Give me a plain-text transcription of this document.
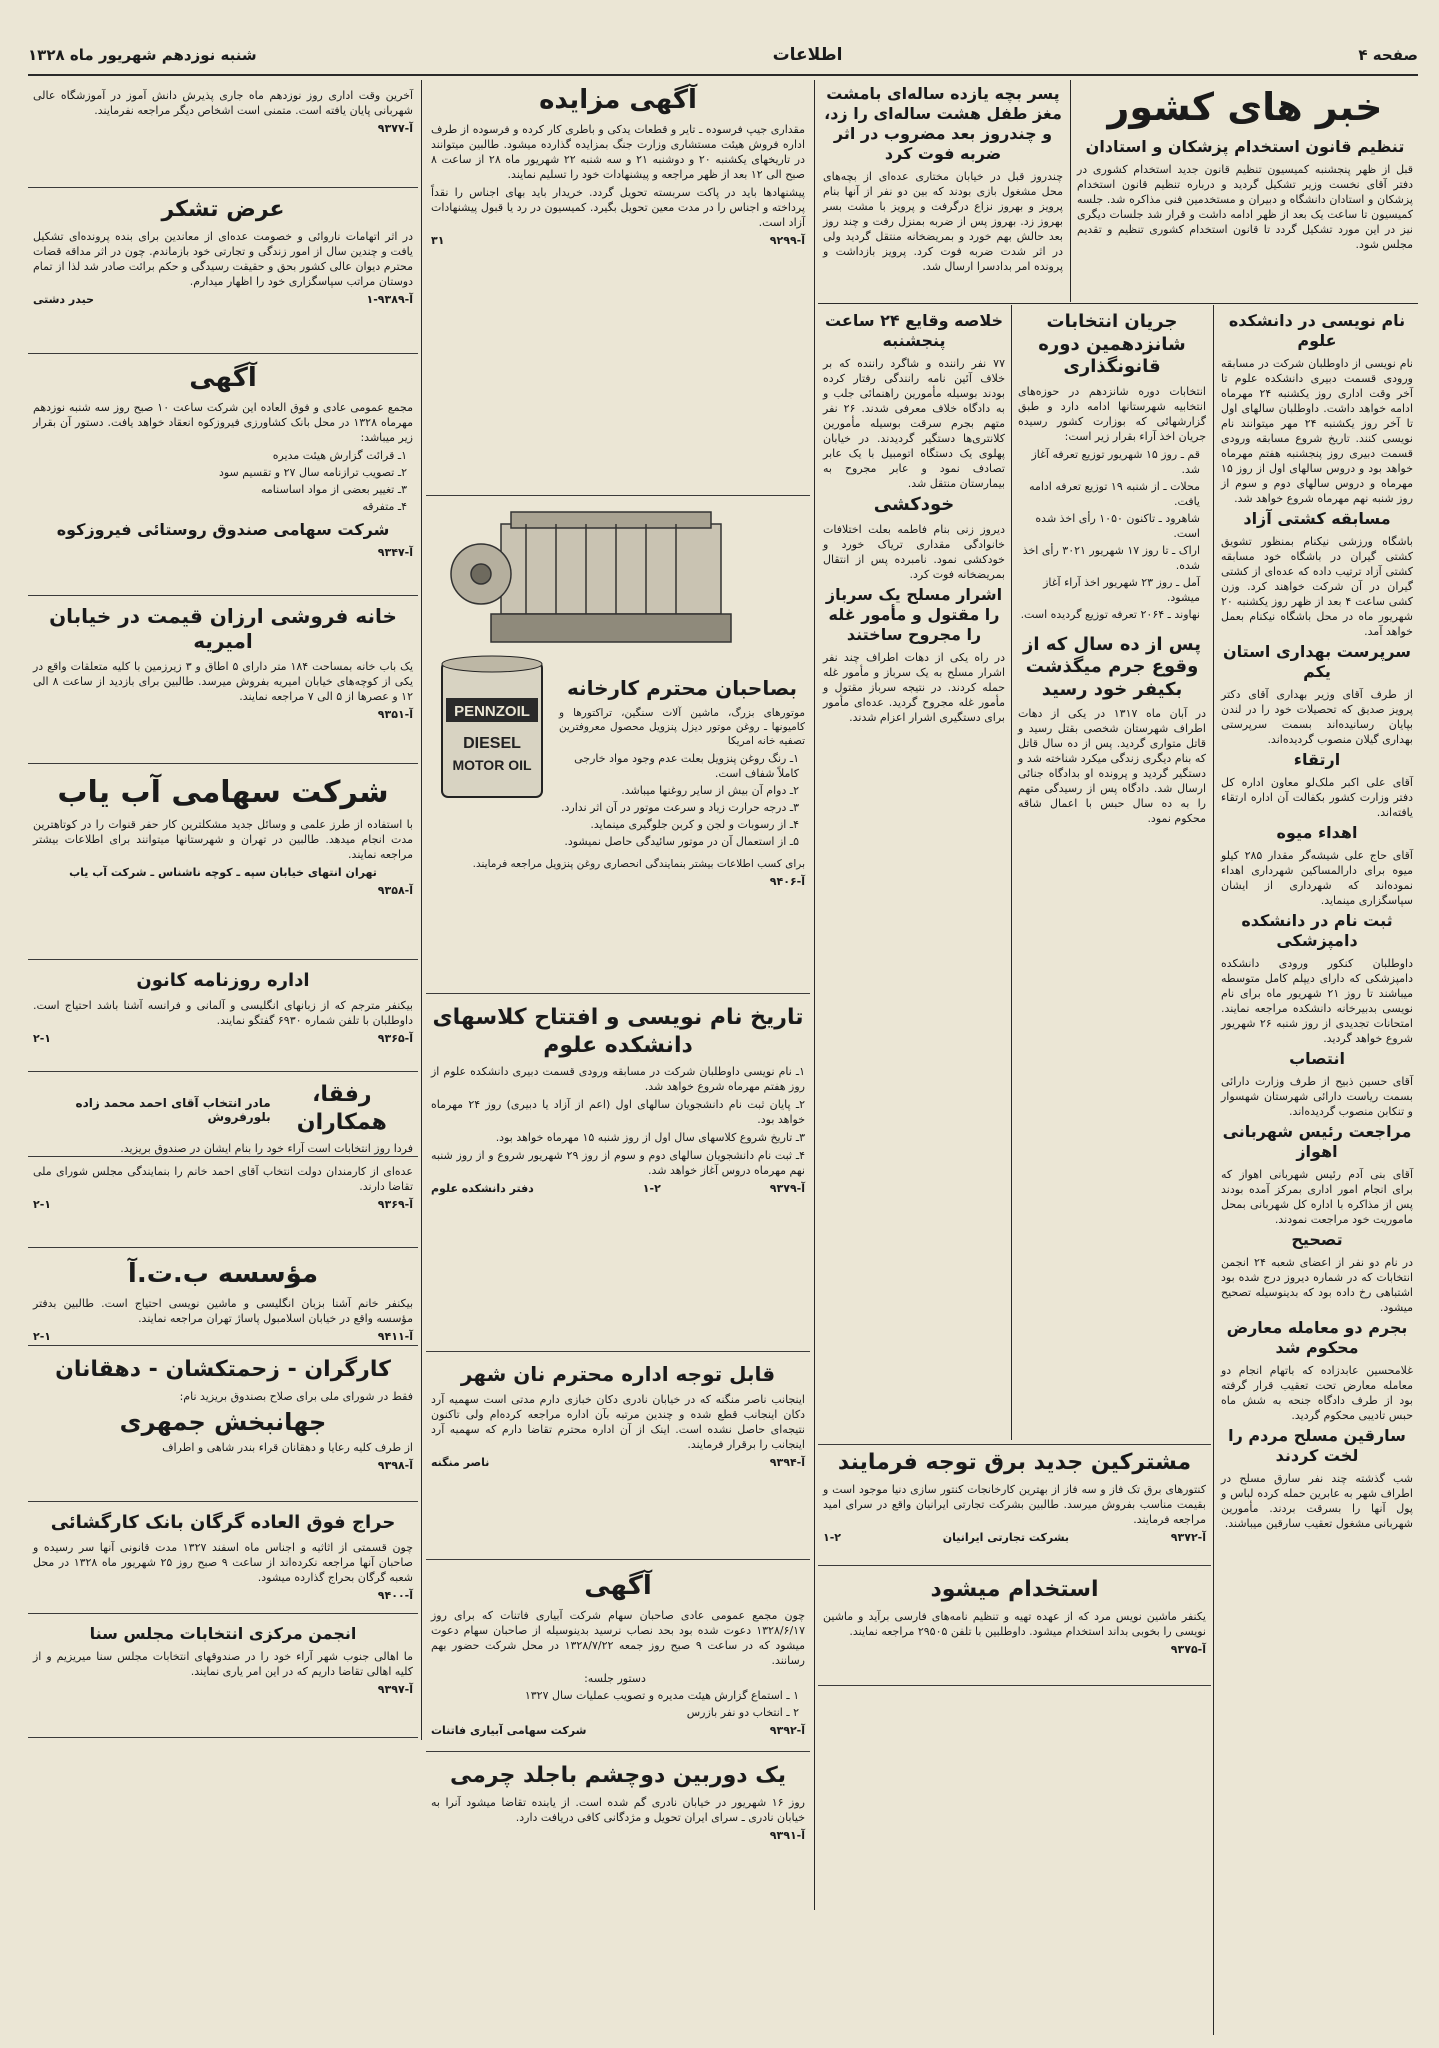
صفحه ۴
اطلاعات
شنبه نوزدهم شهریور ماه ۱۳۲۸
خبر های کشور
تنظیم قانون استخدام پزشکان و استادان

قبل از ظهر پنجشنبه کمیسیون تنظیم قانون جدید استخدام کشوری در دفتر آقای نخست وزیر تشکیل گردید و درباره تنظیم قانون استخدام پزشکان و استادان دانشگاه و دبیران و مستخدمین فنی مذاکره شد. جلسه کمیسیون تا ساعت یک بعد از ظهر ادامه داشت و قرار شد جلسات دیگری نیز در این مورد تشکیل گردد تا قانون استخدام کشوری تنظیم و تقدیم مجلس شود.

پسر بچه یازده ساله‌ای بامشت مغز طفل هشت ساله‌ای را زد، و چندروز بعد مضروب در اثر ضربه فوت کرد

چندروز قبل در خیابان مختاری عده‌ای از بچه‌های محل مشغول بازی بودند که بین دو نفر از آنها بنام پرویز و بهروز نزاع درگرفت و پرویز با مشت بسر بهروز زد. بهروز پس از ضربه بمنزل رفت و چند روز بعد حالش بهم خورد و بمریضخانه منتقل گردید ولی در اثر شدت ضربه فوت کرد. پرویز بازداشت و پرونده امر بدادسرا ارسال شد.

نام نویسی در دانشکده علوم

نام نویسی از داوطلبان شرکت در مسابقه ورودی قسمت دبیری دانشکده علوم تا آخر وقت اداری روز یکشنبه ۲۴ مهرماه ادامه خواهد داشت. داوطلبان سالهای اول تا آخر روز یکشنبه ۲۴ مهر میتوانند نام نویسی کنند. تاریخ شروع مسابقه ورودی قسمت دبیری روز پنجشنبه هفتم مهرماه خواهد بود و دروس سالهای اول از روز ۱۵ مهرماه و دروس سالهای دوم و سوم از روز شنبه نهم مهرماه شروع خواهد شد.

مسابقه کشتی آزاد

باشگاه ورزشی نیکنام بمنظور تشویق کشتی گیران در باشگاه خود مسابقه کشتی آزاد ترتیب داده که عده‌ای از کشتی گیران در آن شرکت خواهند کرد. وزن کشی ساعت ۴ بعد از ظهر روز یکشنبه ۲۰ شهریور ماه در محل باشگاه نیکنام بعمل خواهد آمد.

سرپرست بهداری استان یکم

از طرف آقای وزیر بهداری آقای دکتر پرویز صدیق که تحصیلات خود را در لندن بپایان رسانیده‌اند بسمت سرپرستی بهداری گیلان منصوب گردیده‌اند.

ارتقاء

آقای علی اکبر ملک‌لو معاون اداره کل دفتر وزارت کشور بکفالت آن اداره ارتقاء یافته‌اند.

اهداء میوه

آقای حاج علی شیشه‌گر مقدار ۲۸۵ کیلو میوه برای دارالمساکین شهرداری اهداء نموده‌اند که شهرداری از ایشان سپاسگزاری مینماید.

ثبت نام در دانشکده دامپزشکی

داوطلبان کنکور ورودی دانشکده دامپزشکی که دارای دیپلم کامل متوسطه میباشند تا روز ۲۱ شهریور ماه برای نام نویسی بدبیرخانه دانشکده مراجعه نمایند. امتحانات تجدیدی از روز شنبه ۲۶ شهریور شروع خواهد گردید.

انتصاب

آقای حسین ذبیح از طرف وزارت دارائی بسمت ریاست دارائی شهرستان شهسوار و تنکابن منصوب گردیده‌اند.

مراجعت رئیس شهربانی اهواز

آقای بنی آدم رئیس شهربانی اهواز که برای انجام امور اداری بمرکز آمده بودند پس از مذاکره با اداره کل شهربانی بمحل ماموریت خود مراجعت نمودند.

تصحیح

در نام دو نفر از اعضای شعبه ۲۴ انجمن انتخابات که در شماره دیروز درج شده بود اشتباهی رخ داده بود که بدینوسیله تصحیح میشود.

بجرم دو معامله معارض محکوم شد

غلامحسین عابدزاده که باتهام انجام دو معامله معارض تحت تعقیب قرار گرفته بود از طرف دادگاه جنحه به شش ماه حبس تادیبی محکوم گردید.

سارقین مسلح مردم را لخت کردند

شب گذشته چند نفر سارق مسلح در اطراف شهر به عابرین حمله کرده لباس و پول آنها را بسرقت بردند. مأمورین شهربانی مشغول تعقیب سارقین میباشند.

جریان انتخابات شانزدهمین دوره قانونگذاری

انتخابات دوره شانزدهم در حوزه‌های انتخابیه شهرستانها ادامه دارد و طبق گزارشهائی که بوزارت کشور رسیده جریان اخذ آراء بقرار زیر است:

قم ـ روز ۱۵ شهریور توزیع تعرفه آغاز شد.

محلات ـ از شنبه ۱۹ توزیع تعرفه ادامه یافت.

شاهرود ـ تاکنون ۱۰۵۰ رأی اخذ شده است.

اراک ـ تا روز ۱۷ شهریور ۳۰۲۱ رأی اخذ شده.

آمل ـ روز ۲۳ شهریور اخذ آراء آغاز میشود.

نهاوند ـ ۲۰۶۴ تعرفه توزیع گردیده است.

پس از ده سال که از وقوع جرم میگذشت بکیفر خود رسید

در آبان ماه ۱۳۱۷ در یکی از دهات اطراف شهرستان شخصی بقتل رسید و قاتل متواری گردید. پس از ده سال قاتل که بنام دیگری زندگی میکرد شناخته شد و دستگیر گردید و پرونده او بدادگاه جنائی ارسال شد. دادگاه پس از رسیدگی متهم را به ده سال حبس با اعمال شاقه محکوم نمود.

خلاصه وقایع ۲۴ ساعت پنجشنبه

۷۷ نفر راننده و شاگرد راننده که بر خلاف آئین نامه رانندگی رفتار کرده بودند بوسیله مأمورین راهنمائی جلب و به دادگاه خلاف معرفی شدند. ۲۶ نفر متهم بجرم سرقت بوسیله مأمورین کلانتری‌ها دستگیر گردیدند. در خیابان پهلوی یک دستگاه اتومبیل با یک عابر تصادف نمود و عابر مجروح به بیمارستان منتقل شد.

خودکشی

دیروز زنی بنام فاطمه بعلت اختلافات خانوادگی مقداری تریاک خورد و خودکشی نمود. نامبرده پس از انتقال بمریضخانه فوت کرد.

اشرار مسلح یک سرباز را مقتول و مأمور غله را مجروح ساختند

در راه یکی از دهات اطراف چند نفر اشرار مسلح به یک سرباز و مأمور غله حمله کردند. در نتیجه سرباز مقتول و مأمور غله مجروح گردید. عده‌ای مأمور برای دستگیری اشرار اعزام شدند.

مشترکین جدید برق توجه فرمایند

کنتورهای برق تک فاز و سه فاز از بهترین کارخانجات کنتور سازی دنیا موجود است و بقیمت مناسب بفروش میرسد. طالبین بشرکت تجارتی ایرانیان واقع در سرای امید مراجعه فرمایند.

آ-۹۳۷۲
بشرکت تجارتی ایرانیان
۱-۲
استخدام میشود

یکنفر ماشین نویس مرد که از عهده تهیه و تنظیم نامه‌های فارسی برآید و ماشین نویسی را بخوبی بداند استخدام میشود. داوطلبین با تلفن ۲۹۵۰۵ مراجعه نمایند.

آ-۹۳۷۵
آگهی مزایده

مقداری جیپ فرسوده ـ تایر و قطعات یدکی و باطری کار کرده و فرسوده از طرف اداره فروش هیئت مستشاری وزارت جنگ بمزایده گذارده میشود. طالبین میتوانند در تاریخهای یکشنبه ۲۰ و دوشنبه ۲۱ و سه شنبه ۲۲ شهریور ماه ۲۸ از ساعت ۸ صبح الی ۱۲ بعد از ظهر مراجعه و پیشنهادات خود را تسلیم نمایند.

پیشنهادها باید در پاکت سربسته تحویل گردد. خریدار باید بهای اجناس را نقداً پرداخته و اجناس را در مدت معین تحویل بگیرد. کمیسیون در رد یا قبول پیشنهادات آزاد است.

آ-۹۲۹۹
۳۱
PENNZOIL
DIESEL
MOTOR OIL
بصاحبان محترم کارخانه

موتورهای بزرگ، ماشین آلات سنگین، تراکتورها و کامیونها ـ روغن موتور دیزل پنزویل محصول معروفترین تصفیه خانه امریکا

۱ـ رنگ روغن پنزویل بعلت عدم وجود مواد خارجی کاملاً شفاف است.

۲ـ دوام آن بیش از سایر روغنها میباشد.

۳ـ درجه حرارت زیاد و سرعت موتور در آن اثر ندارد.

۴ـ از رسوبات و لجن و کربن جلوگیری مینماید.

۵ـ از استعمال آن در موتور سائیدگی حاصل نمیشود.

برای کسب اطلاعات بیشتر بنمایندگی انحصاری روغن پنزویل مراجعه فرمایند.

آ-۹۴۰۶
تاریخ نام نویسی و افتتاح کلاسهای دانشکده علوم

۱ـ نام نویسی داوطلبان شرکت در مسابقه ورودی قسمت دبیری دانشکده علوم از روز هفتم مهرماه شروع خواهد شد.

۲ـ پایان ثبت نام دانشجویان سالهای اول (اعم از آزاد یا دبیری) روز ۲۴ مهرماه خواهد بود.

۳ـ تاریخ شروع کلاسهای سال اول از روز شنبه ۱۵ مهرماه خواهد بود.

۴ـ ثبت نام دانشجویان سالهای دوم و سوم از روز ۲۹ شهریور شروع و از روز شنبه نهم مهرماه دروس آغاز خواهد شد.

آ-۹۳۷۹
۱-۲
دفتر دانشکده علوم
قابل توجه اداره محترم نان شهر

اینجانب ناصر منگنه که در خیابان نادری دکان خبازی دارم مدتی است سهمیه آرد دکان اینجانب قطع شده و چندین مرتبه بآن اداره مراجعه کرده‌ام ولی تاکنون نتیجه‌ای حاصل نشده است. اینک از آن اداره محترم تقاضا دارم که سهمیه آرد اینجانب را برقرار فرمایند.

آ-۹۳۹۴
ناصر منگنه
آگهی

چون مجمع عمومی عادی صاحبان سهام شرکت آبیاری فاتنات که برای روز ۱۳۲۸/۶/۱۷ دعوت شده بود بحد نصاب نرسید بدینوسیله از صاحبان سهام دعوت میشود که در ساعت ۹ صبح روز جمعه ۱۳۲۸/۷/۲۲ در محل شرکت حضور بهم رسانند.

دستور جلسه:

۱ ـ استماع گزارش هیئت مدیره و تصویب عملیات سال ۱۳۲۷

۲ ـ انتخاب دو نفر بازرس

آ-۹۳۹۲
شرکت سهامی آبیاری فاتنات
یک دوربین دوچشم باجلد چرمی

روز ۱۶ شهریور در خیابان نادری گم شده است. از یابنده تقاضا میشود آنرا به خیابان نادری ـ سرای ایران تحویل و مژدگانی کافی دریافت دارد.

آ-۹۳۹۱

آخرین وقت اداری روز نوزدهم ماه جاری پذیرش دانش آموز در آموزشگاه عالی شهربانی پایان یافته است. متمنی است اشخاص دیگر مراجعه نفرمایند.

آ-۹۳۷۷
عرض تشکر

در اثر اتهامات ناروائی و خصومت عده‌ای از معاندین برای بنده پرونده‌ای تشکیل یافت و چندین سال از امور زندگی و تجارتی خود بازماندم. چون در اثر مداقه قضات محترم دیوان عالی کشور بحق و حقیقت رسیدگی و حکم برائت صادر شد لذا از تمام دوستان مراتب سپاسگزاری خود را اظهار میدارم.

آ-۹۳۸۹-۱
حیدر دشتی
آگهی

مجمع عمومی عادی و فوق العاده این شرکت ساعت ۱۰ صبح روز سه شنبه نوزدهم مهرماه ۱۳۲۸ در محل بانک کشاورزی فیروزکوه انعقاد خواهد یافت. دستور آن بقرار زیر میباشد:

۱ـ قرائت گزارش هیئت مدیره

۲ـ تصویب ترازنامه سال ۲۷ و تقسیم سود

۳ـ تغییر بعضی از مواد اساسنامه

۴ـ متفرقه

شرکت سهامی صندوق روستائی فیروزکوه
آ-۹۳۴۷
خانه فروشی ارزان قیمت در خیابان امیریه

یک باب خانه بمساحت ۱۸۴ متر دارای ۵ اطاق و ۳ زیرزمین با کلیه متعلقات واقع در یکی از کوچه‌های خیابان امیریه بفروش میرسد. طالبین برای بازدید از ساعت ۸ الی ۱۲ و عصرها از ۵ الی ۷ مراجعه نمایند.

آ-۹۳۵۱
شرکت سهامی آب یاب

با استفاده از طرز علمی و وسائل جدید مشکلترین کار حفر قنوات را در کوتاهترین مدت انجام میدهد. طالبین در تهران و شهرستانها میتوانند برای اطلاعات بیشتر مراجعه نمایند.

تهران انتهای خیابان سپه ـ کوچه ناشناس ـ شرکت آب یاب

آ-۹۳۵۸
اداره روزنامه کانون

بیکنفر مترجم که از زبانهای انگلیسی و آلمانی و فرانسه آشنا باشد احتیاج است. داوطلبان با تلفن شماره ۶۹۳۰ گفتگو نمایند.

آ-۹۳۶۵
۲-۱
رفقا، همکاران
مادر انتخاب آقای احمد محمد زاده بلورفروش

فردا روز انتخابات است آراء خود را بنام ایشان در صندوق بریزید.

عده‌ای از کارمندان دولت انتخاب آقای احمد خانم را بنمایندگی مجلس شورای ملی تقاضا دارند.

آ-۹۳۶۹
۲-۱
مؤسسه ب.ت.آ

بیکنفر خانم آشنا بزبان انگلیسی و ماشین نویسی احتیاج است. طالبین بدفتر مؤسسه واقع در خیابان اسلامبول پاساژ تهران مراجعه نمایند.

آ-۹۴۱۱
۲-۱
کارگران - زحمتکشان - دهقانان

فقط در شورای ملی برای صلاح بصندوق بریزید نام:

جهانبخش جمهری

از طرف کلیه رعایا و دهقانان قراء بندر شاهی و اطراف

آ-۹۳۹۸
حراج فوق العاده گرگان بانک کارگشائی

چون قسمتی از اثاثیه و اجناس ماه اسفند ۱۳۲۷ مدت قانونی آنها سر رسیده و صاحبان آنها مراجعه نکرده‌اند از ساعت ۹ صبح روز ۲۵ شهریور ماه ۱۳۲۸ در محل شعبه گرگان بحراج گذارده میشود.

آ-۹۴۰۰
انجمن مرکزی انتخابات مجلس سنا

ما اهالی جنوب شهر آراء خود را در صندوقهای انتخابات مجلس سنا میریزیم و از کلیه اهالی تقاضا داریم که در این امر یاری نمایند.

آ-۹۳۹۷
